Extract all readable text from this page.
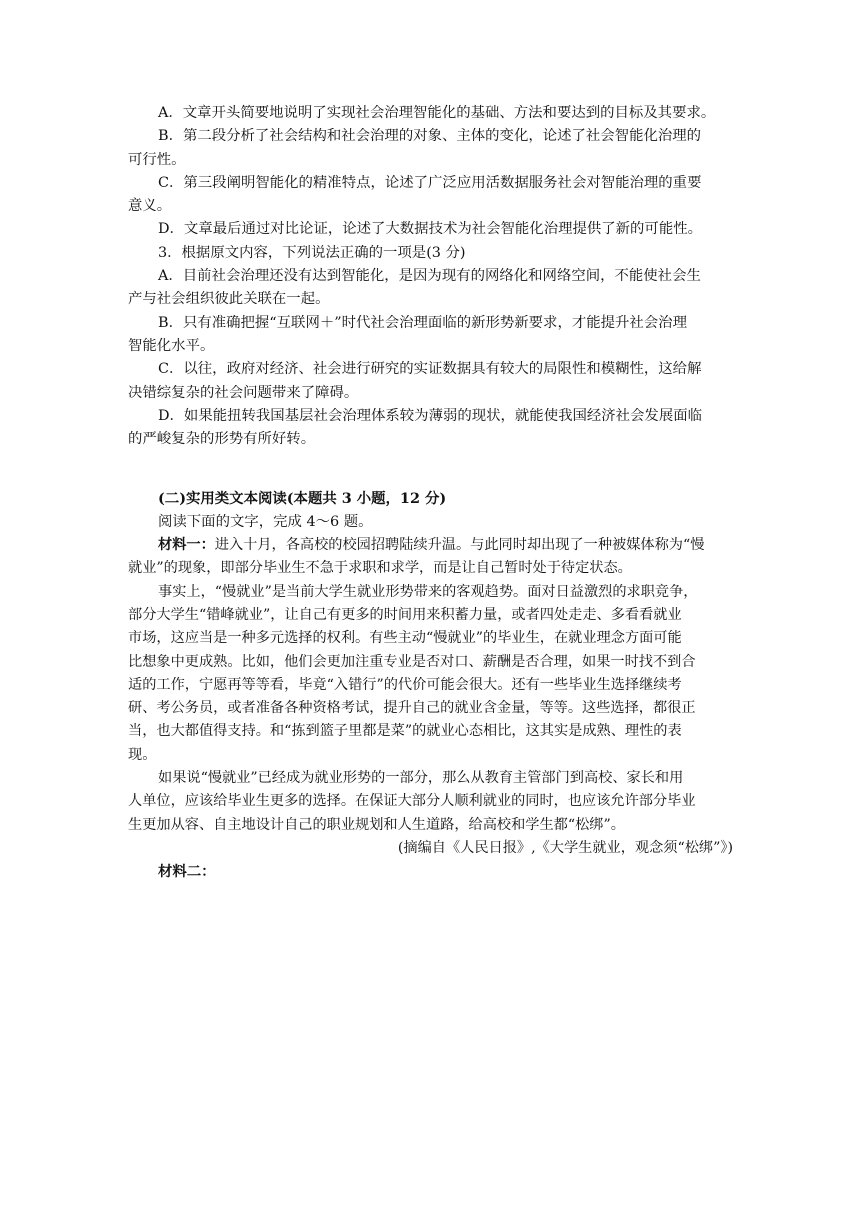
A．文章开头简要地说明了实现社会治理智能化的基础、方法和要达到的目标及其要求。
B．第二段分析了社会结构和社会治理的对象、主体的变化，论述了社会智能化治理的
可行性。
C．第三段阐明智能化的精准特点，论述了广泛应用活数据服务社会对智能治理的重要
意义。
D．文章最后通过对比论证，论述了大数据技术为社会智能化治理提供了新的可能性。
3．根据原文内容，下列说法正确的一项是(3 分)
A．目前社会治理还没有达到智能化，是因为现有的网络化和网络空间，不能使社会生
产与社会组织彼此关联在一起。
B．只有准确把握“互联网＋”时代社会治理面临的新形势新要求，才能提升社会治理
智能化水平。
C．以往，政府对经济、社会进行研究的实证数据具有较大的局限性和模糊性，这给解
决错综复杂的社会问题带来了障碍。
D．如果能扭转我国基层社会治理体系较为薄弱的现状，就能使我国经济社会发展面临
的严峻复杂的形势有所好转。
(二)实用类文本阅读(本题共 3 小题，12 分)
阅读下面的文字，完成 4～6 题。
材料一：进入十月，各高校的校园招聘陆续升温。与此同时却出现了一种被媒体称为“慢
就业”的现象，即部分毕业生不急于求职和求学，而是让自己暂时处于待定状态。
事实上，“慢就业”是当前大学生就业形势带来的客观趋势。面对日益激烈的求职竞争，
部分大学生“错峰就业”，让自己有更多的时间用来积蓄力量，或者四处走走、多看看就业
市场，这应当是一种多元选择的权利。有些主动“慢就业”的毕业生，在就业理念方面可能
比想象中更成熟。比如，他们会更加注重专业是否对口、薪酬是否合理，如果一时找不到合
适的工作，宁愿再等等看，毕竟“入错行”的代价可能会很大。还有一些毕业生选择继续考
研、考公务员，或者准备各种资格考试，提升自己的就业含金量，等等。这些选择，都很正
当，也大都值得支持。和“拣到篮子里都是菜”的就业心态相比，这其实是成熟、理性的表
现。
如果说“慢就业”已经成为就业形势的一部分，那么从教育主管部门到高校、家长和用
人单位，应该给毕业生更多的选择。在保证大部分人顺利就业的同时，也应该允许部分毕业
生更加从容、自主地设计自己的职业规划和人生道路，给高校和学生都“松绑”。
(摘编自《人民日报》,《大学生就业，观念须“松绑”》)
材料二：
